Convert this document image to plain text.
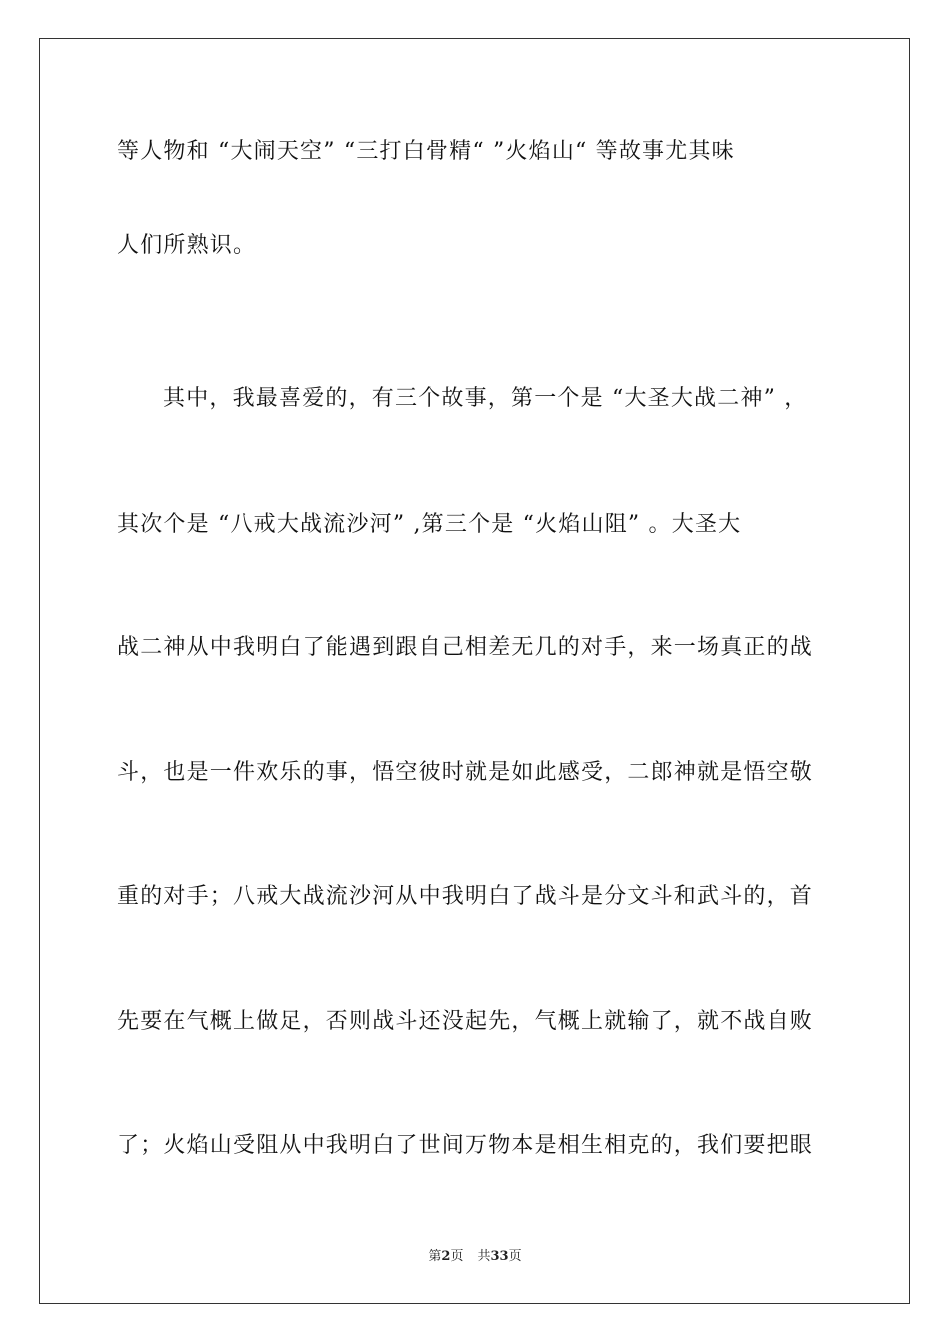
等人物和 “大闹天空” “三打白骨精“ ”火焰山“ 等故事尤其味
人们所熟识。
其中，我最喜爱的，有三个故事，第一个是 “大圣大战二神” ，
其次个是 “八戒大战流沙河” ,第三个是 “火焰山阻” 。大圣大
战二神从中我明白了能遇到跟自己相差无几的对手，来一场真正的战
斗，也是一件欢乐的事，悟空彼时就是如此感受，二郎神就是悟空敬
重的对手；八戒大战流沙河从中我明白了战斗是分文斗和武斗的，首
先要在气概上做足，否则战斗还没起先，气概上就输了，就不战自败
了；火焰山受阻从中我明白了世间万物本是相生相克的，我们要把眼
第2页 共33页
